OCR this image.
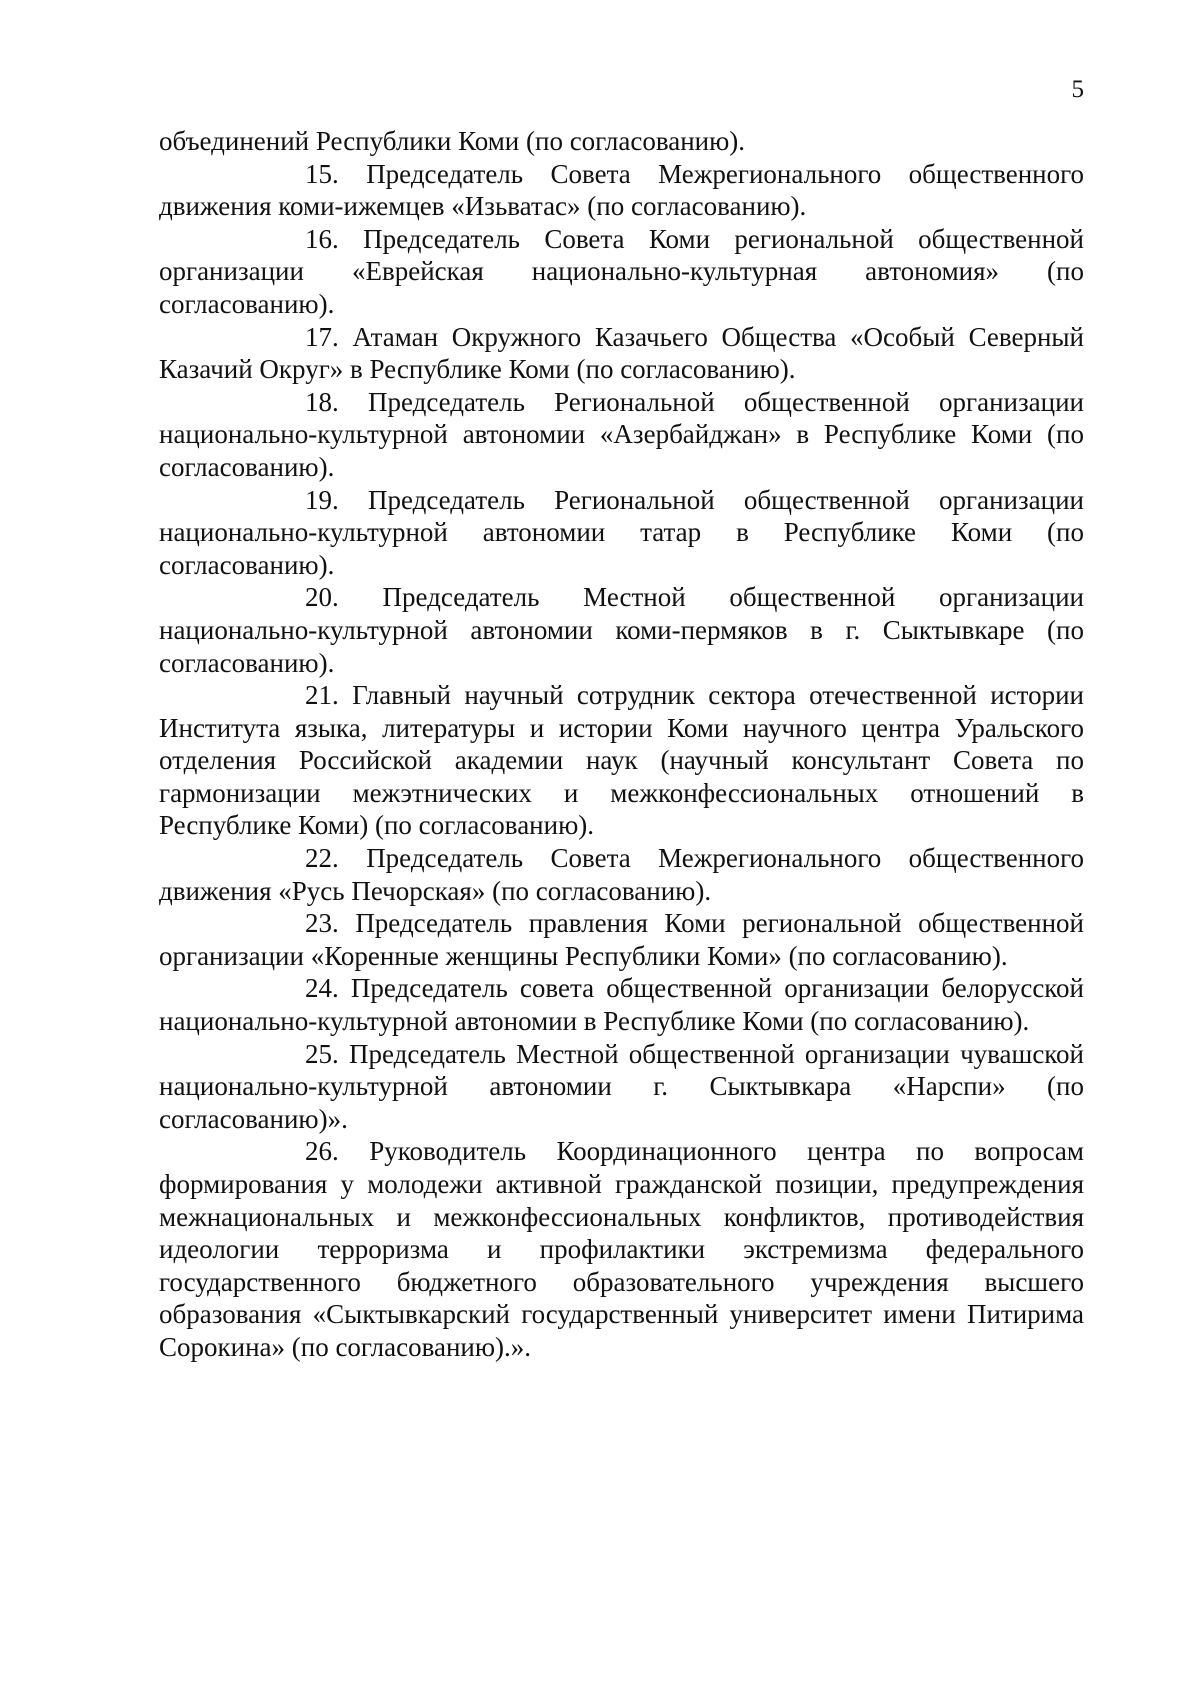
5

объединений Республики Коми (по согласованию).

15. Председатель Совета Межрегионального общественного движения коми-ижемцев «Изьватас» (по согласованию).

16. Председатель Совета Коми региональной общественной организации «Еврейская национально-культурная автономия» (по согласованию).

17. Атаман Окружного Казачьего Общества «Особый Северный Казачий Округ» в Республике Коми (по согласованию).

18. Председатель Региональной общественной организации национально-культурной автономии «Азербайджан» в Республике Коми (по согласованию).

19. Председатель Региональной общественной организации национально-культурной автономии татар в Республике Коми (по согласованию).

20. Председатель Местной общественной организации национально-культурной автономии коми-пермяков в г. Сыктывкаре (по согласованию).

21. Главный научный сотрудник сектора отечественной истории Института языка, литературы и истории Коми научного центра Уральского отделения Российской академии наук (научный консультант Совета по гармонизации межэтнических и межконфессиональных отношений в Республике Коми) (по согласованию).

22. Председатель Совета Межрегионального общественного движения «Русь Печорская» (по согласованию).

23. Председатель правления Коми региональной общественной организации «Коренные женщины Республики Коми» (по согласованию).

24. Председатель совета общественной организации белорусской национально-культурной автономии в Республике Коми (по согласованию).

25. Председатель Местной общественной организации чувашской национально-культурной автономии г. Сыктывкара «Нарспи» (по согласованию)».

26. Руководитель Координационного центра по вопросам формирования у молодежи активной гражданской позиции, предупреждения межнациональных и межконфессиональных конфликтов, противодействия идеологии терроризма и профилактики экстремизма федерального государственного бюджетного образовательного учреждения высшего образования «Сыктывкарский государственный университет имени Питирима Сорокина» (по согласованию).».
